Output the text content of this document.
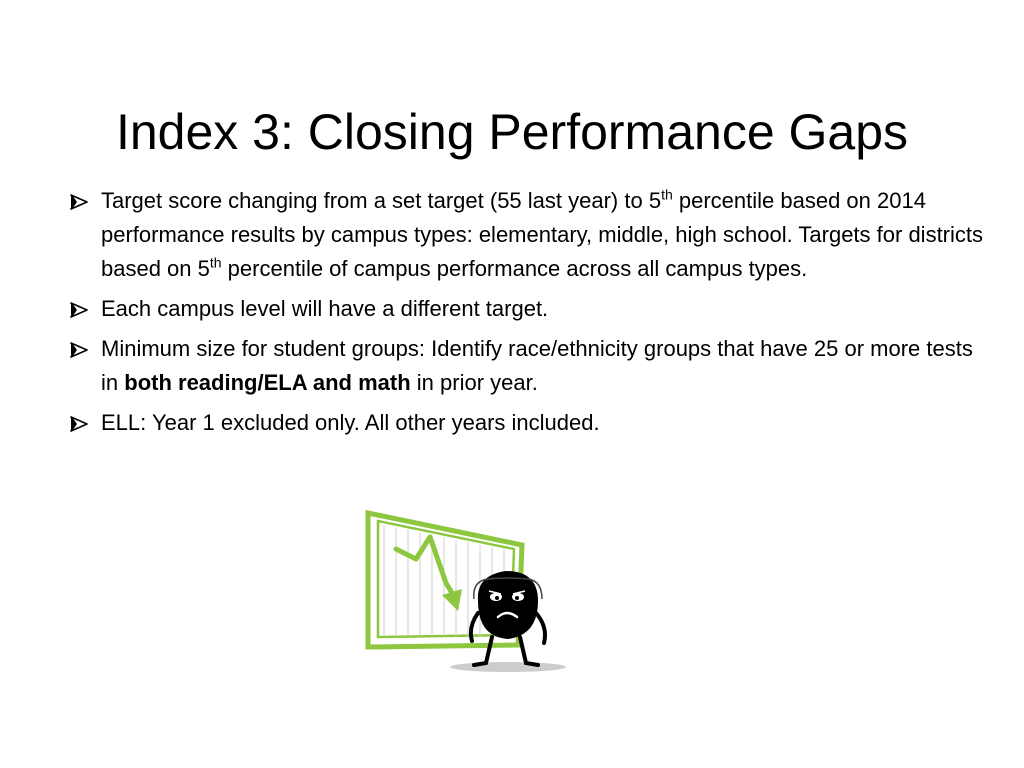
Index 3: Closing Performance Gaps
Target score changing from a set target (55 last year) to 5th percentile based on 2014 performance results by campus types: elementary, middle, high school. Targets for districts based on 5th percentile of campus performance across all campus types.
Each campus level will have a different target.
Minimum size for student groups: Identify race/ethnicity groups that have 25 or more tests in both reading/ELA and math in prior year.
ELL: Year 1 excluded only. All other years included.
